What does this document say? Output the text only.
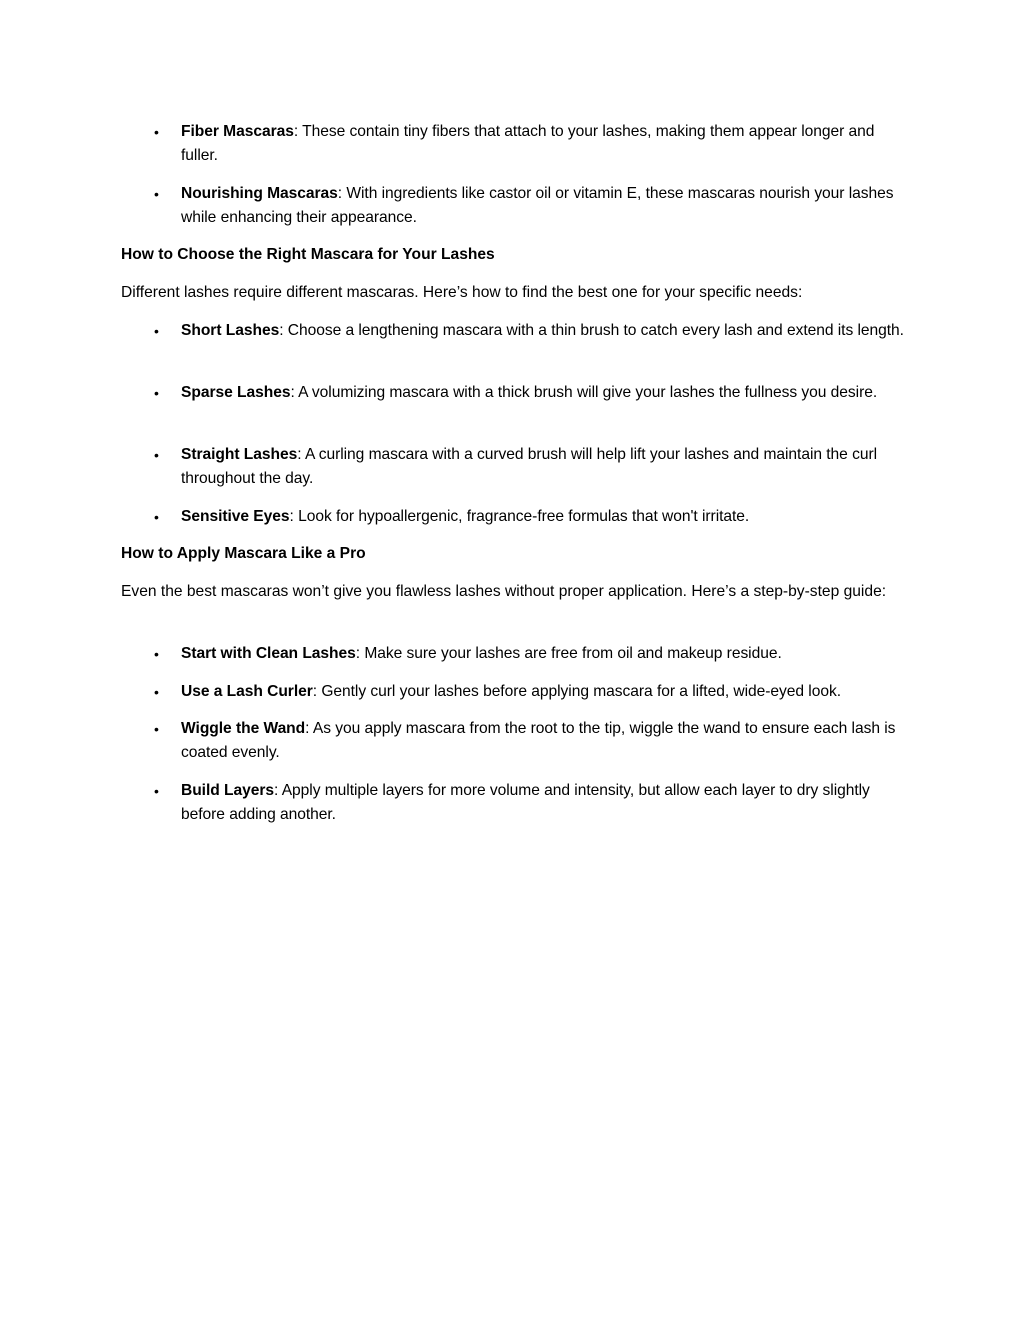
• Fiber Mascaras: These contain tiny fibers that attach to your lashes, making them appear longer and fuller.
• Nourishing Mascaras: With ingredients like castor oil or vitamin E, these mascaras nourish your lashes while enhancing their appearance.
How to Choose the Right Mascara for Your Lashes
Different lashes require different mascaras. Here’s how to find the best one for your specific needs:
• Short Lashes: Choose a lengthening mascara with a thin brush to catch every lash and extend its length.
• Sparse Lashes: A volumizing mascara with a thick brush will give your lashes the fullness you desire.
• Straight Lashes: A curling mascara with a curved brush will help lift your lashes and maintain the curl throughout the day.
• Sensitive Eyes: Look for hypoallergenic, fragrance-free formulas that won't irritate.
How to Apply Mascara Like a Pro
Even the best mascaras won’t give you flawless lashes without proper application. Here’s a step-by-step guide:
• Start with Clean Lashes: Make sure your lashes are free from oil and makeup residue.
• Use a Lash Curler: Gently curl your lashes before applying mascara for a lifted, wide-eyed look.
• Wiggle the Wand: As you apply mascara from the root to the tip, wiggle the wand to ensure each lash is coated evenly.
• Build Layers: Apply multiple layers for more volume and intensity, but allow each layer to dry slightly before adding another.
